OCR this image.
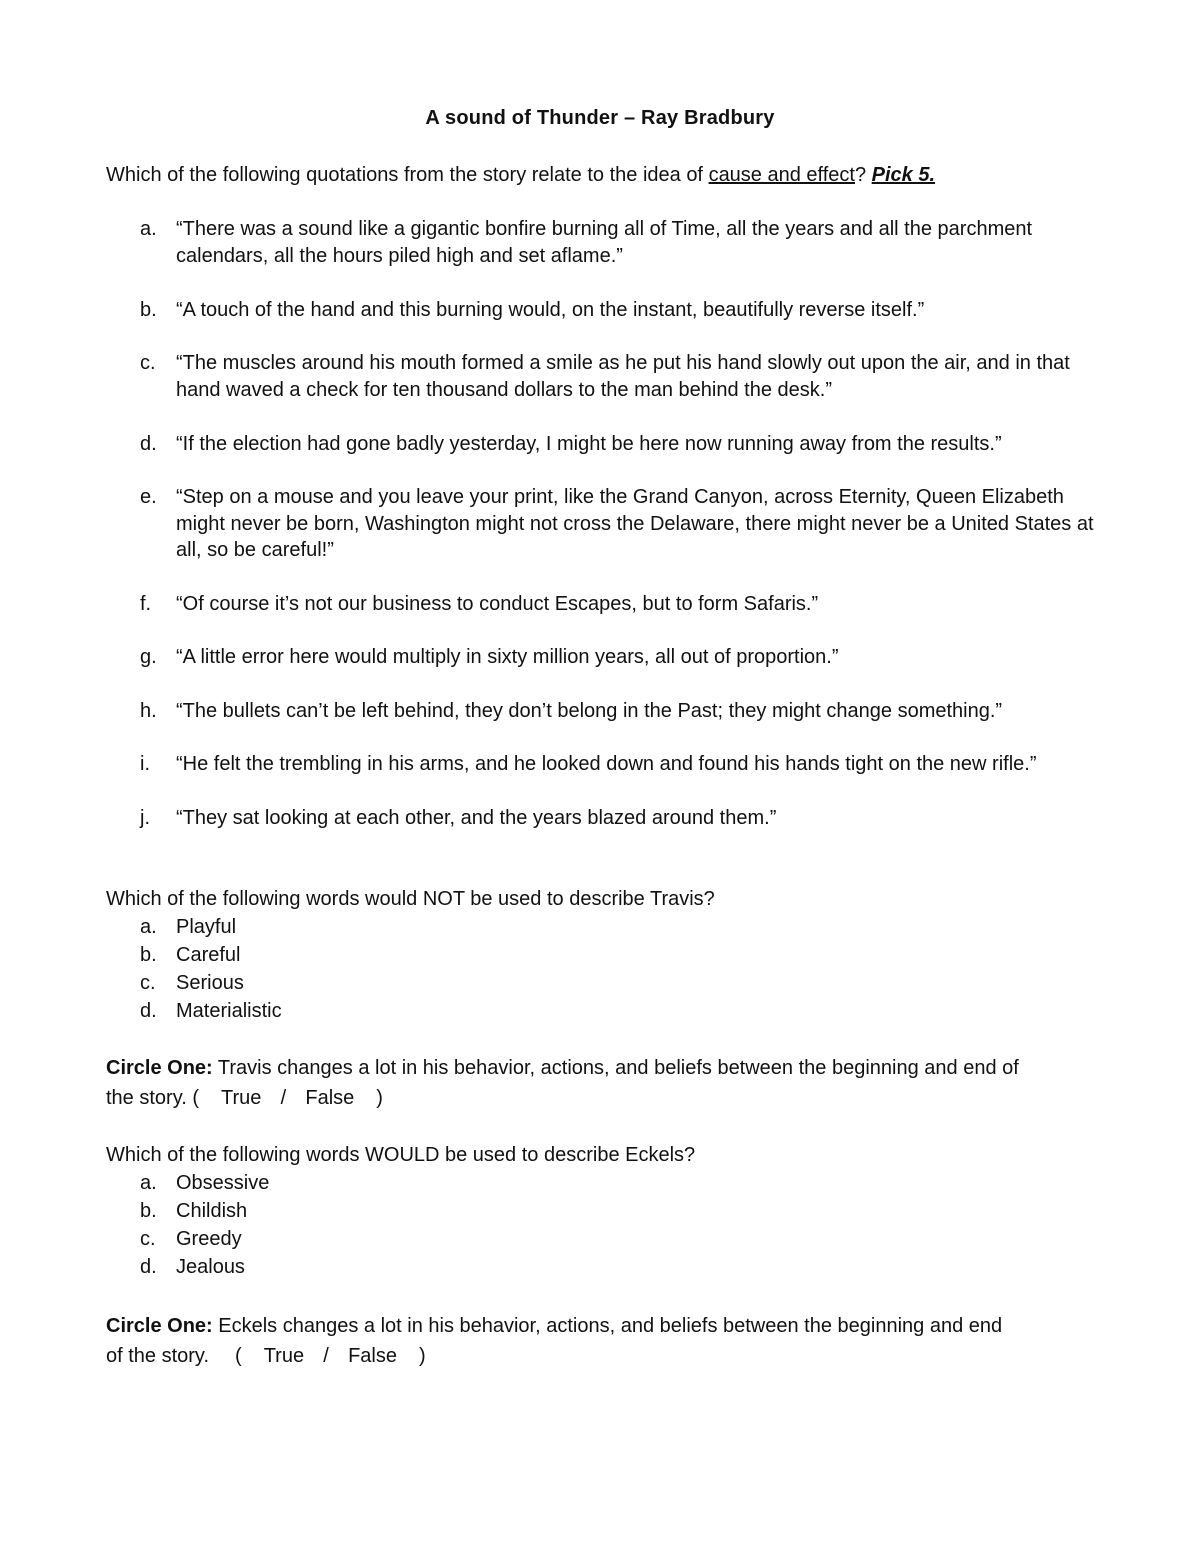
A sound of Thunder – Ray Bradbury
Which of the following quotations from the story relate to the idea of cause and effect? Pick 5.
a. “There was a sound like a gigantic bonfire burning all of Time, all the years and all the parchment calendars, all the hours piled high and set aflame.”
b. “A touch of the hand and this burning would, on the instant, beautifully reverse itself.”
c.	“The muscles around his mouth formed a smile as he put his hand slowly out upon the air, and in that hand waved a check for ten thousand dollars to the man behind the desk.”
d. “If the election had gone badly yesterday, I might be here now running away from the results.”
e. “Step on a mouse and you leave your print, like the Grand Canyon, across Eternity, Queen Elizabeth might never be born, Washington might not cross the Delaware, there might never be a United States at all, so be careful!”
f.	“Of course it’s not our business to conduct Escapes, but to form Safaris.”
g. “A little error here would multiply in sixty million years, all out of proportion.”
h. “The bullets can’t be left behind, they don’t belong in the Past; they might change something.”
i.	“He felt the trembling in his arms, and he looked down and found his hands tight on the new rifle.”
j.	“They sat looking at each other, and the years blazed around them.”
Which of the following words would NOT be used to describe Travis?
a. Playful
b. Careful
c. Serious
d. Materialistic
Circle One: Travis changes a lot in his behavior, actions, and beliefs between the beginning and end of
the story. ( True / False )
Which of the following words WOULD be used to describe Eckels?
a. Obsessive
b. Childish
c. Greedy
d. Jealous
Circle One: Eckels changes a lot in his behavior, actions, and beliefs between the beginning and end
of the story. ( True / False )
